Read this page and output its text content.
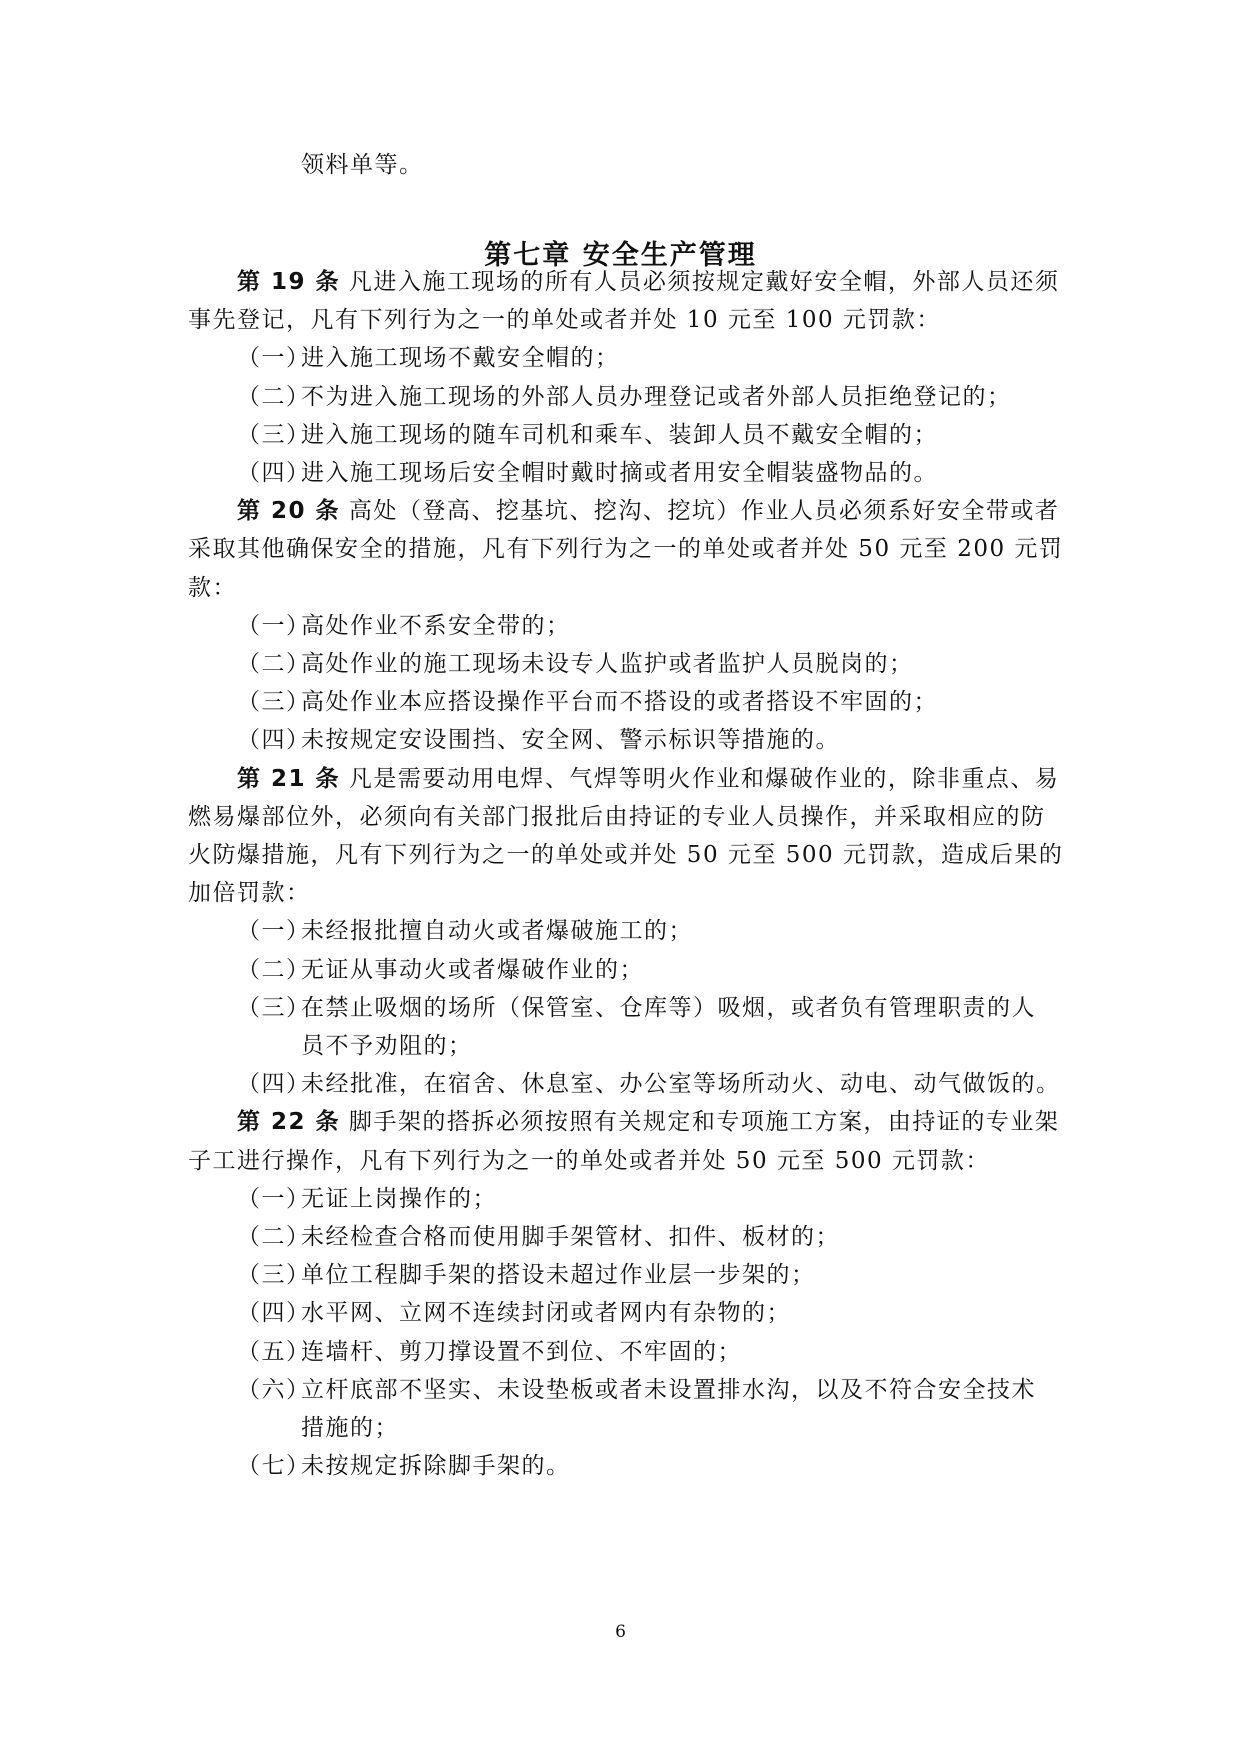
领料单等。
第七章 安全生产管理
第 19 条 凡进入施工现场的所有人员必须按规定戴好安全帽，外部人员还须
事先登记，凡有下列行为之一的单处或者并处 10 元至 100 元罚款：
（一）
进入施工现场不戴安全帽的；
（二）
不为进入施工现场的外部人员办理登记或者外部人员拒绝登记的；
（三）
进入施工现场的随车司机和乘车、装卸人员不戴安全帽的；
（四）
进入施工现场后安全帽时戴时摘或者用安全帽装盛物品的。
第 20 条 高处（登高、挖基坑、挖沟、挖坑）作业人员必须系好安全带或者
采取其他确保安全的措施，凡有下列行为之一的单处或者并处 50 元至 200 元罚
款：
（一）
高处作业不系安全带的；
（二）
高处作业的施工现场未设专人监护或者监护人员脱岗的；
（三）
高处作业本应搭设操作平台而不搭设的或者搭设不牢固的；
（四）
未按规定安设围挡、安全网、警示标识等措施的。
第 21 条 凡是需要动用电焊、气焊等明火作业和爆破作业的，除非重点、易
燃易爆部位外，必须向有关部门报批后由持证的专业人员操作，并采取相应的防
火防爆措施，凡有下列行为之一的单处或并处 50 元至 500 元罚款，造成后果的
加倍罚款：
（一）
未经报批擅自动火或者爆破施工的；
（二）
无证从事动火或者爆破作业的；
（三）
在禁止吸烟的场所（保管室、仓库等）吸烟，或者负有管理职责的人
员不予劝阻的；
（四）
未经批准，在宿舍、休息室、办公室等场所动火、动电、动气做饭的。
第 22 条 脚手架的搭拆必须按照有关规定和专项施工方案，由持证的专业架
子工进行操作，凡有下列行为之一的单处或者并处 50 元至 500 元罚款：
（一）
无证上岗操作的；
（二）
未经检查合格而使用脚手架管材、扣件、板材的；
（三）
单位工程脚手架的搭设未超过作业层一步架的；
（四）
水平网、立网不连续封闭或者网内有杂物的；
（五）
连墙杆、剪刀撑设置不到位、不牢固的；
（六）
立杆底部不坚实、未设垫板或者未设置排水沟，以及不符合安全技术
措施的；
（七）
未按规定拆除脚手架的。
6
